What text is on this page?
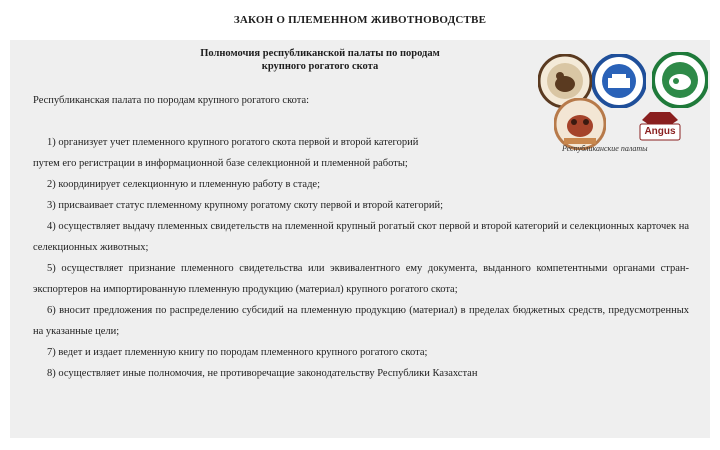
ЗАКОН О ПЛЕМЕННОМ ЖИВОТНОВОДСТВЕ
Полномочия республиканской палаты по породам
крупного рогатого скота
Республиканская палата по породам крупного рогатого скота:
Angus
Республиканские палаты

1) организует учет племенного крупного рогатого скота первой и второй категорий

путем его регистрации в информационной базе селекционной и племенной работы;

2) координирует селекционную и племенную работу в стаде;

3) присваивает статус племенному крупному рогатому скоту первой и второй категорий;

4) осуществляет выдачу племенных свидетельств на племенной крупный рогатый скот первой и второй категорий и селекционных карточек на селекционных животных;

5) осуществляет признание племенного свидетельства или эквивалентного ему документа, выданного компетентными органами стран-экспортеров на импортированную племенную продукцию (материал) крупного рогатого скота;

6) вносит предложения по распределению субсидий на племенную продукцию (материал) в пределах бюджетных средств, предусмотренных на указанные цели;

7) ведет и издает племенную книгу по породам племенного крупного рогатого скота;

8) осуществляет иные полномочия, не противоречащие законодательству Республики Казахстан
